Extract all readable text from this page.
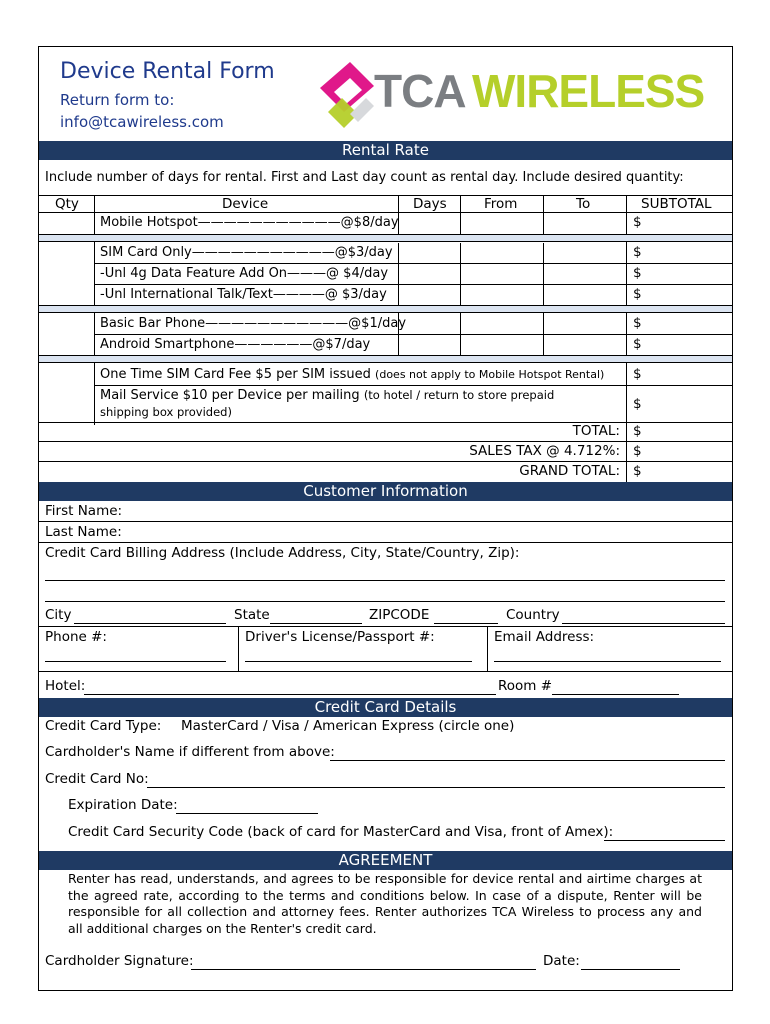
Device Rental Form
Return form to:
info@tcawireless.com
TCA WIRELESS
Rental Rate
Include number of days for rental. First and Last day count as rental day. Include desired quantity:
Qty	Device	Days	From	To	SUBTOTAL
Mobile Hotspot———————————@$8/day	$
SIM Card Only———————————@$3/day	$
-Unl 4g Data Feature Add On———@ $4/day	$
-Unl International Talk/Text————@ $3/day	$
Basic Bar Phone———————————@$1/day	$
Android Smartphone——————@$7/day	$
One Time SIM Card Fee $5 per SIM issued (does not apply to Mobile Hotspot Rental) $
Mail Service $10 per Device per mailing (to hotel / return to store prepaid
shipping box provided)	$
TOTAL: $
SALES TAX @ 4.712%: $
GRAND TOTAL: $
Customer Information
First Name:
Last Name:
Credit Card Billing Address (Include Address, City, State/Country, Zip):
City	State	ZIPCODE	Country
Phone #:	Driver's License/Passport #:	Email Address:
Hotel:	Room #
Credit Card Details
Credit Card Type: MasterCard / Visa / American Express (circle one)
Cardholder's Name if different from above:
Credit Card No:
Expiration Date:
Credit Card Security Code (back of card for MasterCard and Visa, front of Amex):
AGREEMENT
Renter has read, understands, and agrees to be responsible for device rental and airtime charges at the agreed rate, according to the terms and conditions below. In case of a dispute, Renter will be responsible for all collection and attorney fees. Renter authorizes TCA Wireless to process any and all additional charges on the Renter's credit card.
Cardholder Signature:	Date:
